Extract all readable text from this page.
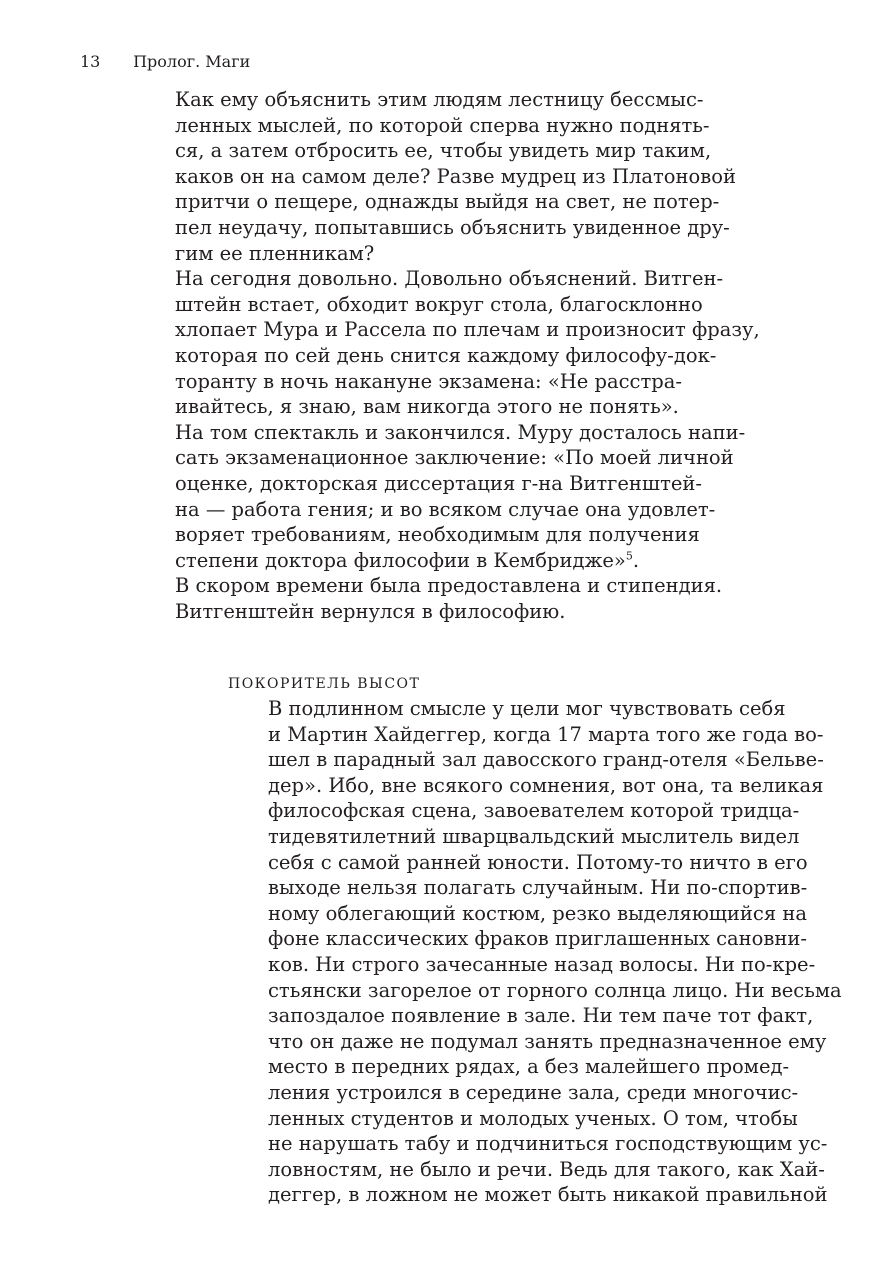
13 Пролог. Маги
Как ему объяснить этим людям лестницу бессмыс-
ленных мыслей, по которой сперва нужно поднять-
ся, а затем отбросить ее, чтобы увидеть мир таким,
каков он на самом деле? Разве мудрец из Платоновой
притчи о пещере, однажды выйдя на свет, не потер-
пел неудачу, попытавшись объяснить увиденное дру-
гим ее пленникам?
На сегодня довольно. Довольно объяснений. Витген-
штейн встает, обходит вокруг стола, благосклонно
хлопает Мура и Рассела по плечам и произносит фразу,
которая по сей день снится каждому философу-док-
торанту в ночь накануне экзамена: «Не расстра-
ивайтесь, я знаю, вам никогда этого не понять».
На том спектакль и закончился. Муру досталось напи-
сать экзаменационное заключение: «По моей личной
оценке, докторская диссертация г-на Витгенштей-
на — работа гения; и во всяком случае она удовлет-
воряет требованиям, необходимым для получения
степени доктора философии в Кембридже»$^5$.
В скором времени была предоставлена и стипендия.
Витгенштейн вернулся в философию.
ПОКОРИТЕЛЬ ВЫСОТ
В подлинном смысле у цели мог чувствовать себя
и Мартин Хайдеггер, когда 17 марта того же года во-
шел в парадный зал давосского гранд-отеля «Бельве-
дер». Ибо, вне всякого сомнения, вот она, та великая
философская сцена, завоевателем которой тридца-
тидевятилетний шварцвальдский мыслитель видел
себя с самой ранней юности. Потому-то ничто в его
выходе нельзя полагать случайным. Ни по-спортив-
ному облегающий костюм, резко выделяющийся на
фоне классических фраков приглашенных сановни-
ков. Ни строго зачесанные назад волосы. Ни по-кре-
стьянски загорелое от горного солнца лицо. Ни весьма
запоздалое появление в зале. Ни тем паче тот факт,
что он даже не подумал занять предназначенное ему
место в передних рядах, а без малейшего промед-
ления устроился в середине зала, среди многочис-
ленных студентов и молодых ученых. О том, чтобы
не нарушать табу и подчиниться господствующим ус-
ловностям, не было и речи. Ведь для такого, как Хай-
деггер, в ложном не может быть никакой правильной
